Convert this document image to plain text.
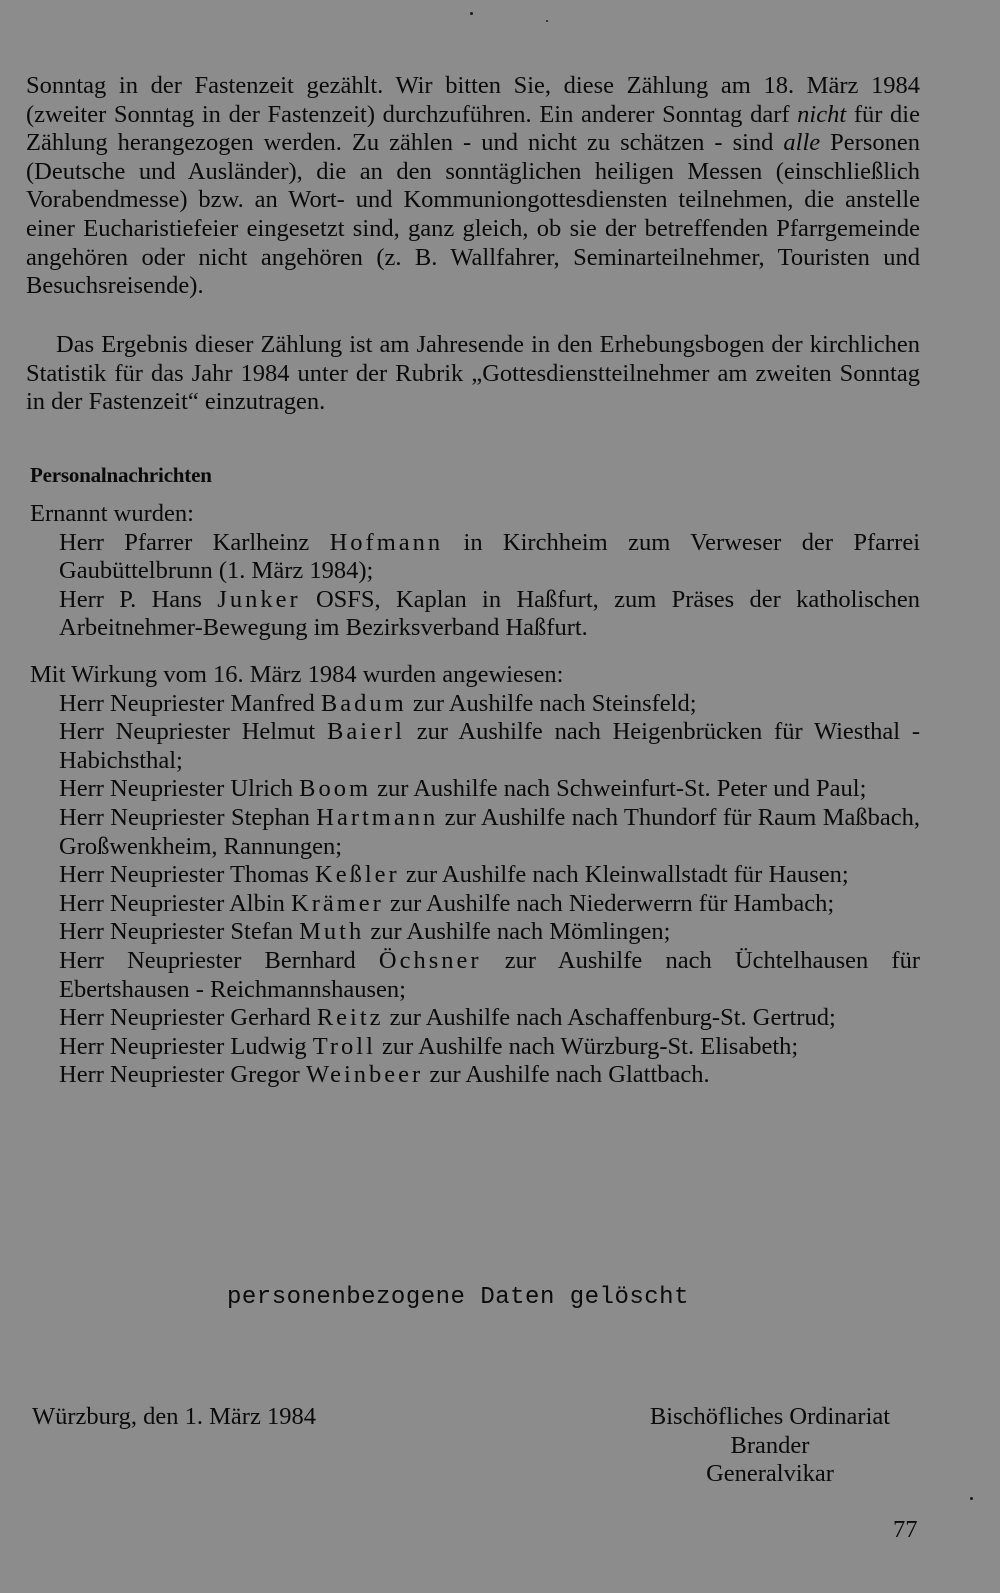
Sonntag in der Fastenzeit gezählt. Wir bitten Sie, diese Zählung am 18. März 1984 (zweiter Sonntag in der Fastenzeit) durchzuführen. Ein anderer Sonntag darf nicht für die Zählung herangezogen werden. Zu zählen - und nicht zu schätzen - sind alle Personen (Deutsche und Ausländer), die an den sonntäglichen heiligen Messen (einschließlich Vorabendmesse) bzw. an Wort- und Kommuniongottesdiensten teilnehmen, die anstelle einer Eucharistiefeier eingesetzt sind, ganz gleich, ob sie der betreffenden Pfarrgemeinde angehören oder nicht angehören (z. B. Wallfahrer, Seminarteilnehmer, Touristen und Besuchsreisende).

Das Ergebnis dieser Zählung ist am Jahresende in den Erhebungsbogen der kirchlichen Statistik für das Jahr 1984 unter der Rubrik „Gottesdienstteilnehmer am zweiten Sonntag in der Fastenzeit“ einzutragen.

Personalnachrichten
Ernannt wurden:
Herr Pfarrer Karlheinz Hofmann in Kirchheim zum Verweser der Pfarrei Gaubüttelbrunn (1. März 1984);
Herr P. Hans Junker OSFS, Kaplan in Haßfurt, zum Präses der katholischen Arbeitnehmer-Bewegung im Bezirksverband Haßfurt.
Mit Wirkung vom 16. März 1984 wurden angewiesen:
Herr Neupriester Manfred Badum zur Aushilfe nach Steinsfeld;
Herr Neupriester Helmut Baierl zur Aushilfe nach Heigenbrücken für Wiesthal - Habichsthal;
Herr Neupriester Ulrich Boom zur Aushilfe nach Schweinfurt-St. Peter und Paul;
Herr Neupriester Stephan Hartmann zur Aushilfe nach Thundorf für Raum Maßbach, Großwenkheim, Rannungen;
Herr Neupriester Thomas Keßler zur Aushilfe nach Kleinwallstadt für Hausen;
Herr Neupriester Albin Krämer zur Aushilfe nach Niederwerrn für Hambach;
Herr Neupriester Stefan Muth zur Aushilfe nach Mömlingen;
Herr Neupriester Bernhard Öchsner zur Aushilfe nach Üchtelhausen für Ebertshausen - Reichmannshausen;
Herr Neupriester Gerhard Reitz zur Aushilfe nach Aschaffenburg-St. Gertrud;
Herr Neupriester Ludwig Troll zur Aushilfe nach Würzburg-St. Elisabeth;
Herr Neupriester Gregor Weinbeer zur Aushilfe nach Glattbach.

personenbezogene Daten gelöscht

Würzburg, den 1. März 1984	Bischöfliches Ordinariat
Brander
Generalvikar

77
